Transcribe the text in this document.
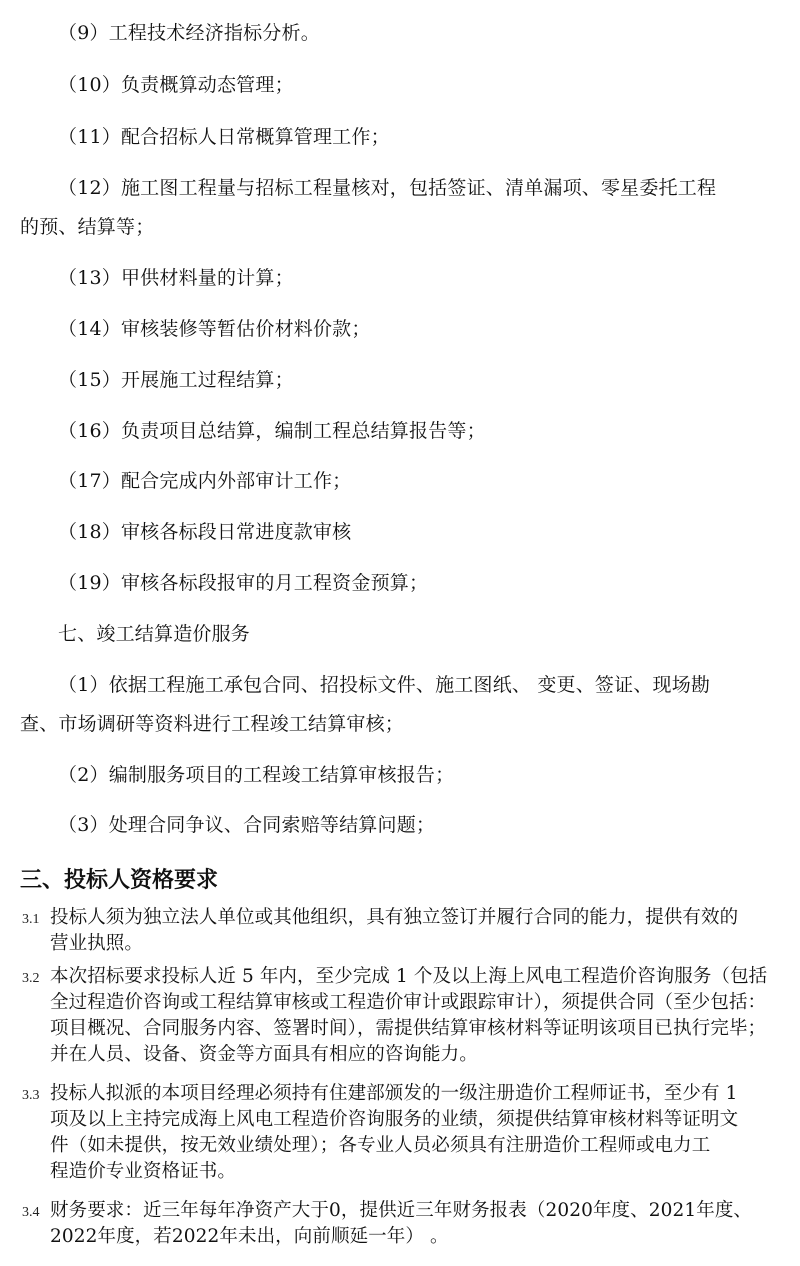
（9）工程技术经济指标分析。
（10）负责概算动态管理；
（11）配合招标人日常概算管理工作；
（12）施工图工程量与招标工程量核对，包括签证、清单漏项、零星委托工程
的预、结算等；
（13）甲供材料量的计算；
（14）审核装修等暂估价材料价款；
（15）开展施工过程结算；
（16）负责项目总结算，编制工程总结算报告等；
（17）配合完成内外部审计工作；
（18）审核各标段日常进度款审核
（19）审核各标段报审的月工程资金预算；
七、竣工结算造价服务
（1）依据工程施工承包合同、招投标文件、施工图纸、 变更、签证、现场勘
查、市场调研等资料进行工程竣工结算审核；
（2）编制服务项目的工程竣工结算审核报告；
（3）处理合同争议、合同索赔等结算问题；
三、投标人资格要求
3.1 投标人须为独立法人单位或其他组织，具有独立签订并履行合同的能力，提供有效的
营业执照。
3.2 本次招标要求投标人近 5 年内，至少完成 1 个及以上海上风电工程造价咨询服务（包括
全过程造价咨询或工程结算审核或工程造价审计或跟踪审计），须提供合同（至少包括：
项目概况、合同服务内容、签署时间），需提供结算审核材料等证明该项目已执行完毕；
并在人员、设备、资金等方面具有相应的咨询能力。
3.3 投标人拟派的本项目经理必须持有住建部颁发的一级注册造价工程师证书，至少有 1
项及以上主持完成海上风电工程造价咨询服务的业绩，须提供结算审核材料等证明文
件（如未提供，按无效业绩处理）；各专业人员必须具有注册造价工程师或电力工
程造价专业资格证书。
3.4 财务要求：近三年每年净资产大于0，提供近三年财务报表（2020年度、2021年度、
2022年度，若2022年未出，向前顺延一年） 。
